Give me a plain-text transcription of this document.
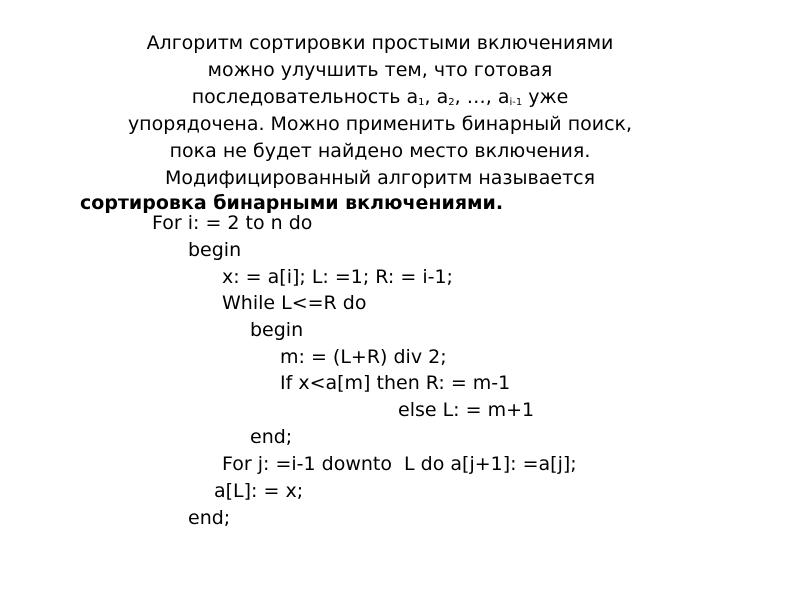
Алгоритм сортировки простыми включениями
можно улучшить тем, что готовая
последовательность $a_1$, $a_2$, …, $a_{i-1}$ уже
упорядочена. Можно применить бинарный поиск,
пока не будет найдено место включения.
Модифицированный алгоритм называется
сортировка бинарными включениями.
For i: = 2 to n do
begin
x: = a[i]; L: =1; R: = i-1;
While L<=R do
begin
m: = (L+R) div 2;
If x<a[m] then R: = m-1
else L: = m+1
end;
For j: =i-1 downto  L do a[j+1]: =a[j];
a[L]: = x;
end;
